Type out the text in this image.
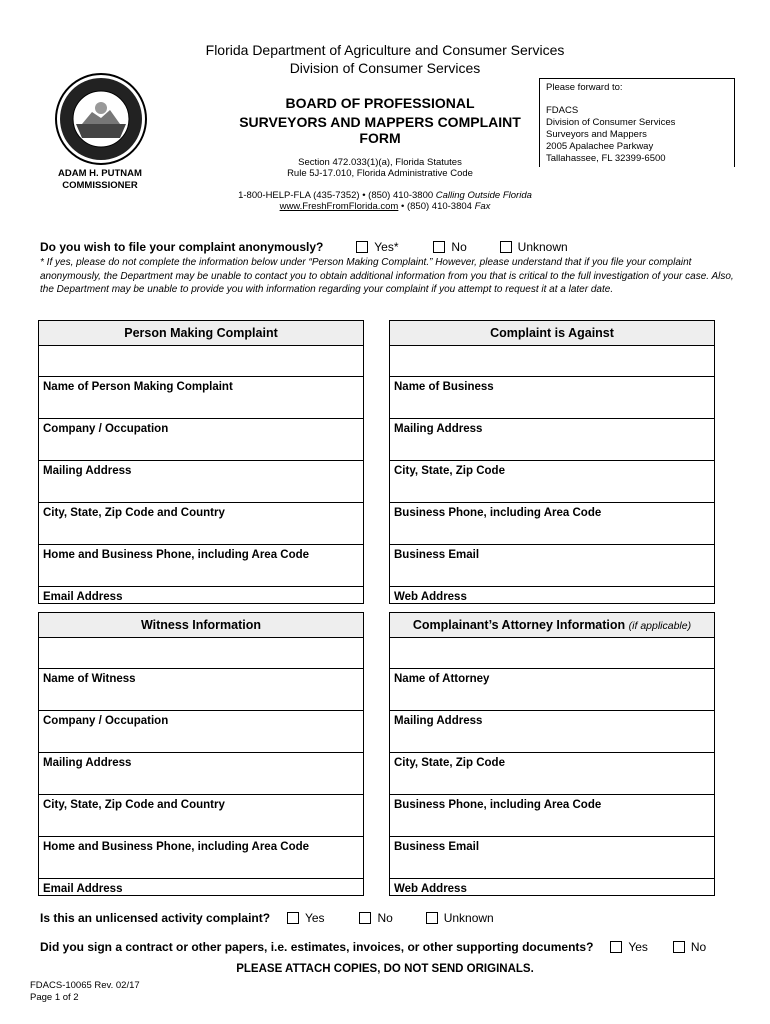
Florida Department of Agriculture and Consumer Services
Division of Consumer Services
ADAM H. PUTNAM
COMMISSIONER
BOARD OF PROFESSIONAL
SURVEYORS AND MAPPERS COMPLAINT
FORM
Section 472.033(1)(a), Florida Statutes
Rule 5J-17.010, Florida Administrative Code
1-800-HELP-FLA (435-7352) • (850) 410-3800 Calling Outside Florida
www.FreshFromFlorida.com • (850) 410-3804 Fax
Please forward to:
FDACS
Division of Consumer Services
Surveyors and Mappers
2005 Apalachee Parkway
Tallahassee, FL 32399-6500
Do you wish to file your complaint anonymously?	Yes*	No	Unknown
* If yes, please do not complete the information below under “Person Making Complaint.” However, please understand that if you file your complaint anonymously, the Department may be unable to contact you to obtain additional information from you that is critical to the full investigation of your case. Also, the Department may be unable to provide you with information regarding your complaint if you attempt to request it at a later date.
Person Making Complaint
Name of Person Making Complaint
Company / Occupation
Mailing Address
City, State, Zip Code and Country
Home and Business Phone, including Area Code
Email Address
Complaint is Against
Name of Business
Mailing Address
City, State, Zip Code
Business Phone, including Area Code
Business Email
Web Address
Witness Information
Name of Witness
Company / Occupation
Mailing Address
City, State, Zip Code and Country
Home and Business Phone, including Area Code
Email Address
Complainant’s Attorney Information (if applicable)
Name of Attorney
Mailing Address
City, State, Zip Code
Business Phone, including Area Code
Business Email
Web Address
Is this an unlicensed activity complaint?	Yes	No	Unknown
Did you sign a contract or other papers, i.e. estimates, invoices, or other supporting documents?	Yes	No
PLEASE ATTACH COPIES, DO NOT SEND ORIGINALS.
FDACS-10065 Rev. 02/17
Page 1 of 2
